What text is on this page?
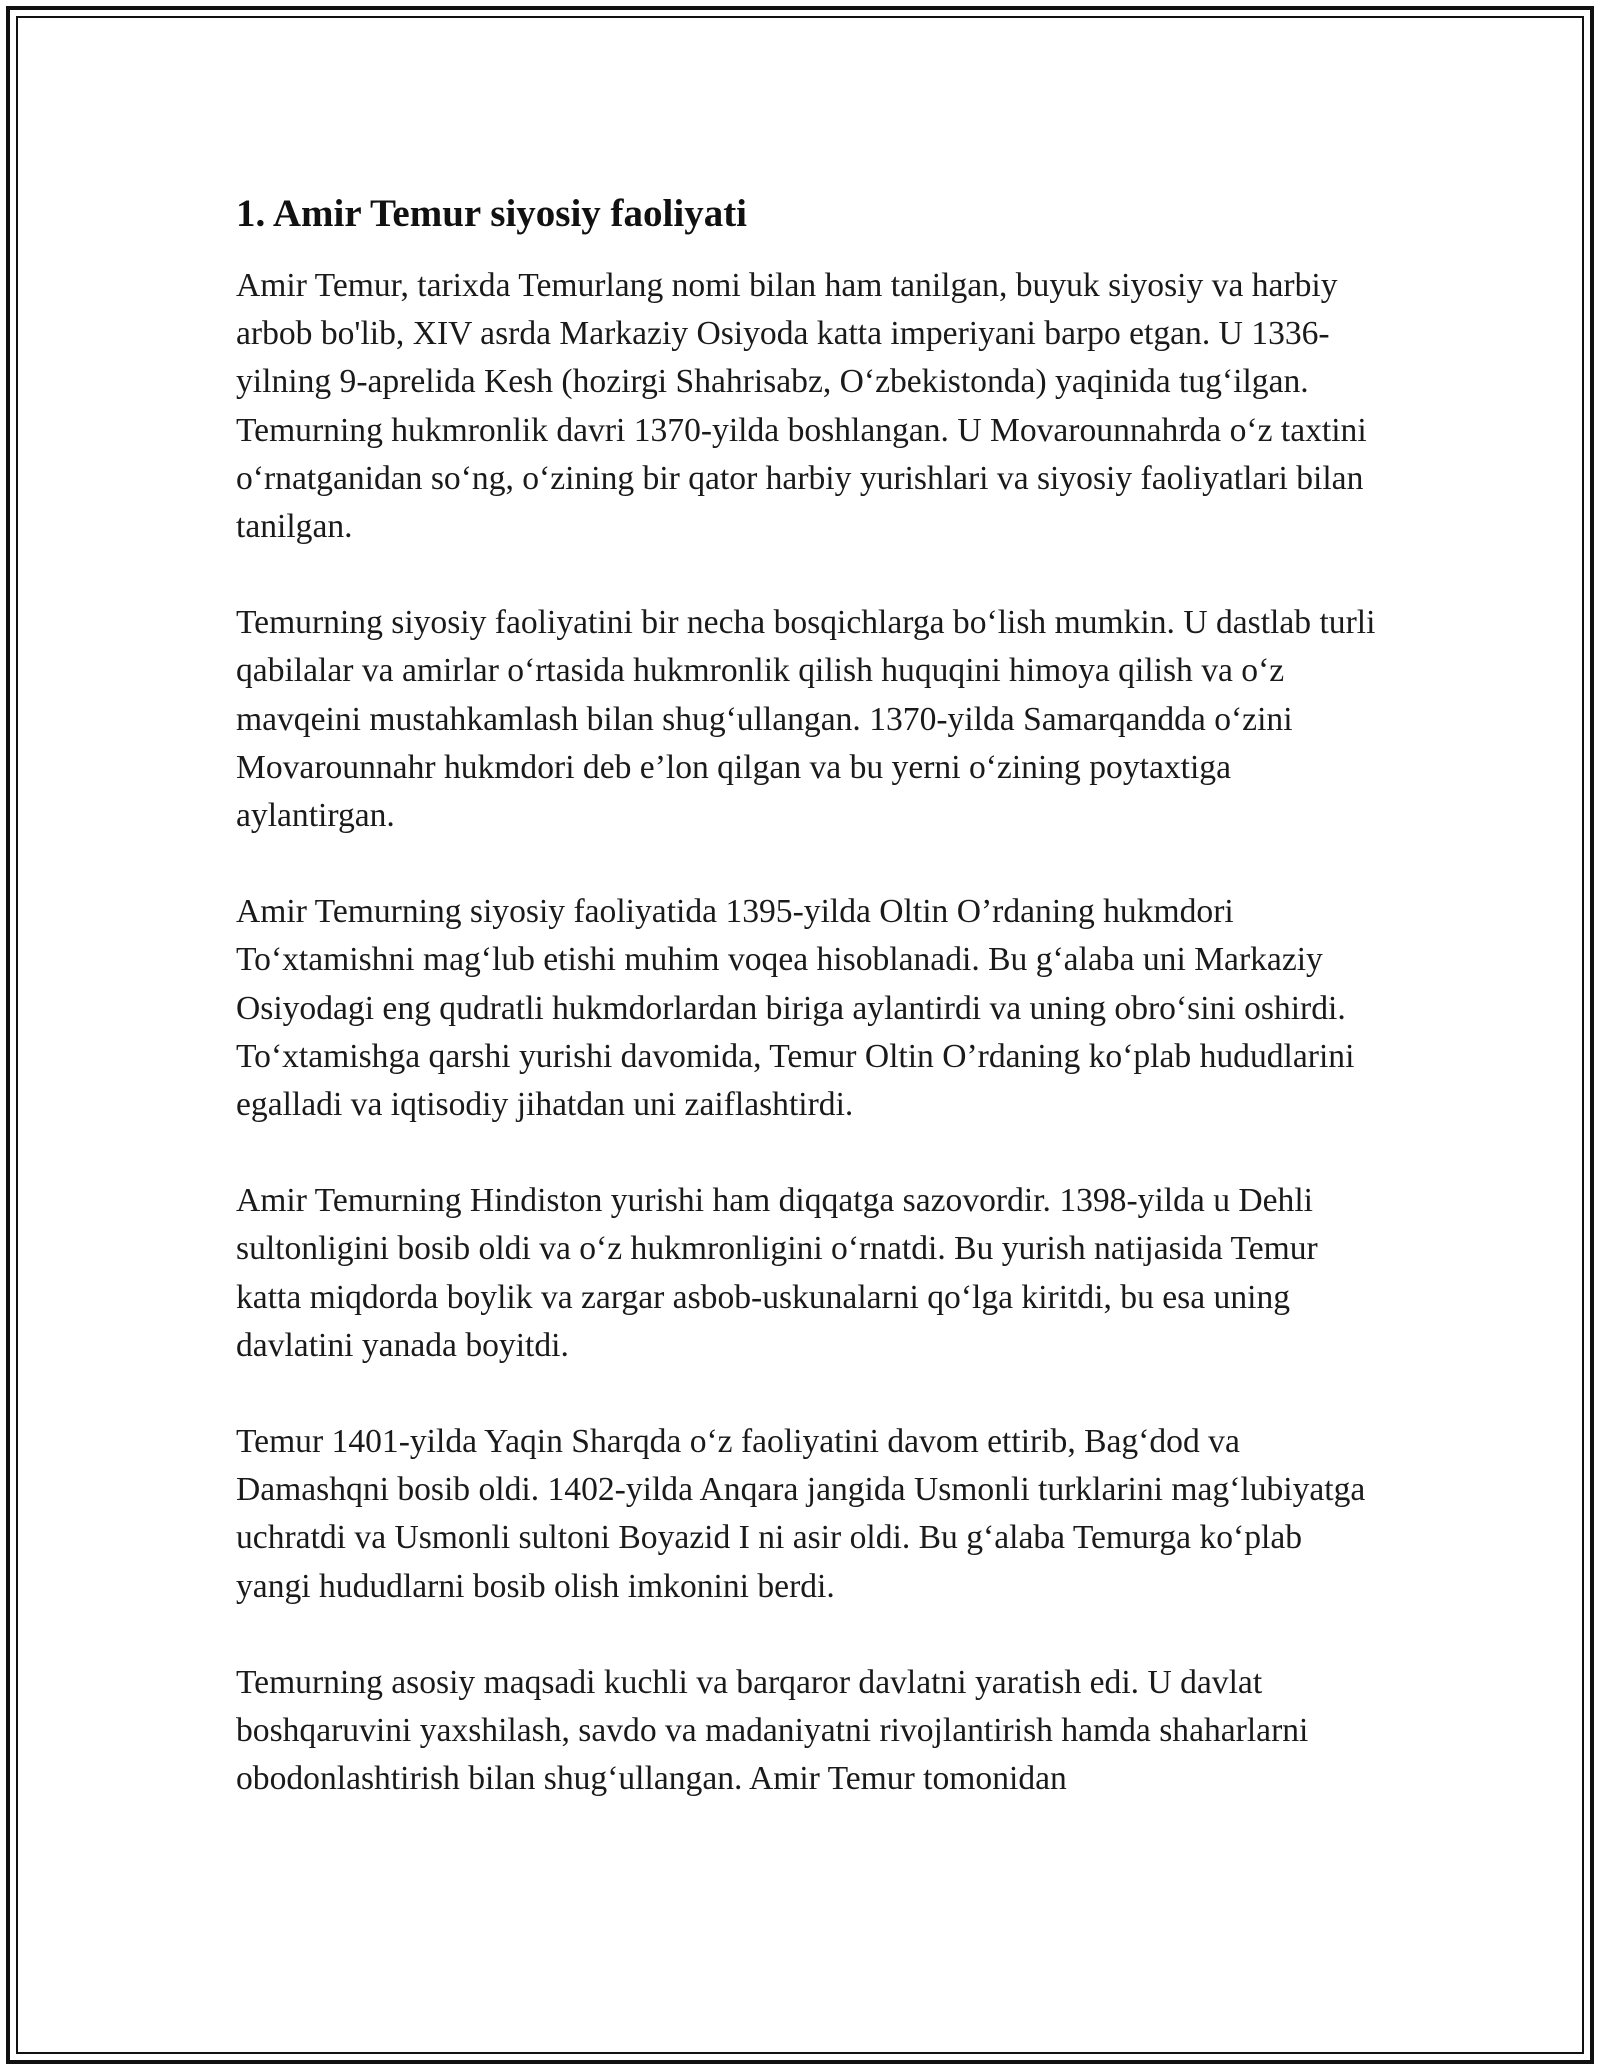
1. Amir Temur siyosiy faoliyati

Amir Temur, tarixda Temurlang nomi bilan ham tanilgan, buyuk siyosiy va harbiy arbob bo'lib, XIV asrda Markaziy Osiyoda katta imperiyani barpo etgan. U 1336-yilning 9-aprelida Kesh (hozirgi Shahrisabz, O‘zbekistonda) yaqinida tug‘ilgan. Temurning hukmronlik davri 1370-yilda boshlangan. U Movarounnahrda o‘z taxtini o‘rnatganidan so‘ng, o‘zining bir qator harbiy yurishlari va siyosiy faoliyatlari bilan tanilgan.

Temurning siyosiy faoliyatini bir necha bosqichlarga bo‘lish mumkin. U dastlab turli qabilalar va amirlar o‘rtasida hukmronlik qilish huquqini himoya qilish va o‘z mavqeini mustahkamlash bilan shug‘ullangan. 1370-yilda Samarqandda o‘zini Movarounnahr hukmdori deb e’lon qilgan va bu yerni o‘zining poytaxtiga aylantirgan.

Amir Temurning siyosiy faoliyatida 1395-yilda Oltin O’rdaning hukmdori To‘xtamishni mag‘lub etishi muhim voqea hisoblanadi. Bu g‘alaba uni Markaziy Osiyodagi eng qudratli hukmdorlardan biriga aylantirdi va uning obro‘sini oshirdi. To‘xtamishga qarshi yurishi davomida, Temur Oltin O’rdaning ko‘plab hududlarini egalladi va iqtisodiy jihatdan uni zaiflashtirdi.

Amir Temurning Hindiston yurishi ham diqqatga sazovordir. 1398-yilda u Dehli sultonligini bosib oldi va o‘z hukmronligini o‘rnatdi. Bu yurish natijasida Temur katta miqdorda boylik va zargar asbob-uskunalarni qo‘lga kiritdi, bu esa uning davlatini yanada boyitdi.

Temur 1401-yilda Yaqin Sharqda o‘z faoliyatini davom ettirib, Bag‘dod va Damashqni bosib oldi. 1402-yilda Anqara jangida Usmonli turklarini mag‘lubiyatga uchratdi va Usmonli sultoni Boyazid I ni asir oldi. Bu g‘alaba Temurga ko‘plab yangi hududlarni bosib olish imkonini berdi.

Temurning asosiy maqsadi kuchli va barqaror davlatni yaratish edi. U davlat boshqaruvini yaxshilash, savdo va madaniyatni rivojlantirish hamda shaharlarni obodonlashtirish bilan shug‘ullangan. Amir Temur tomonidan
